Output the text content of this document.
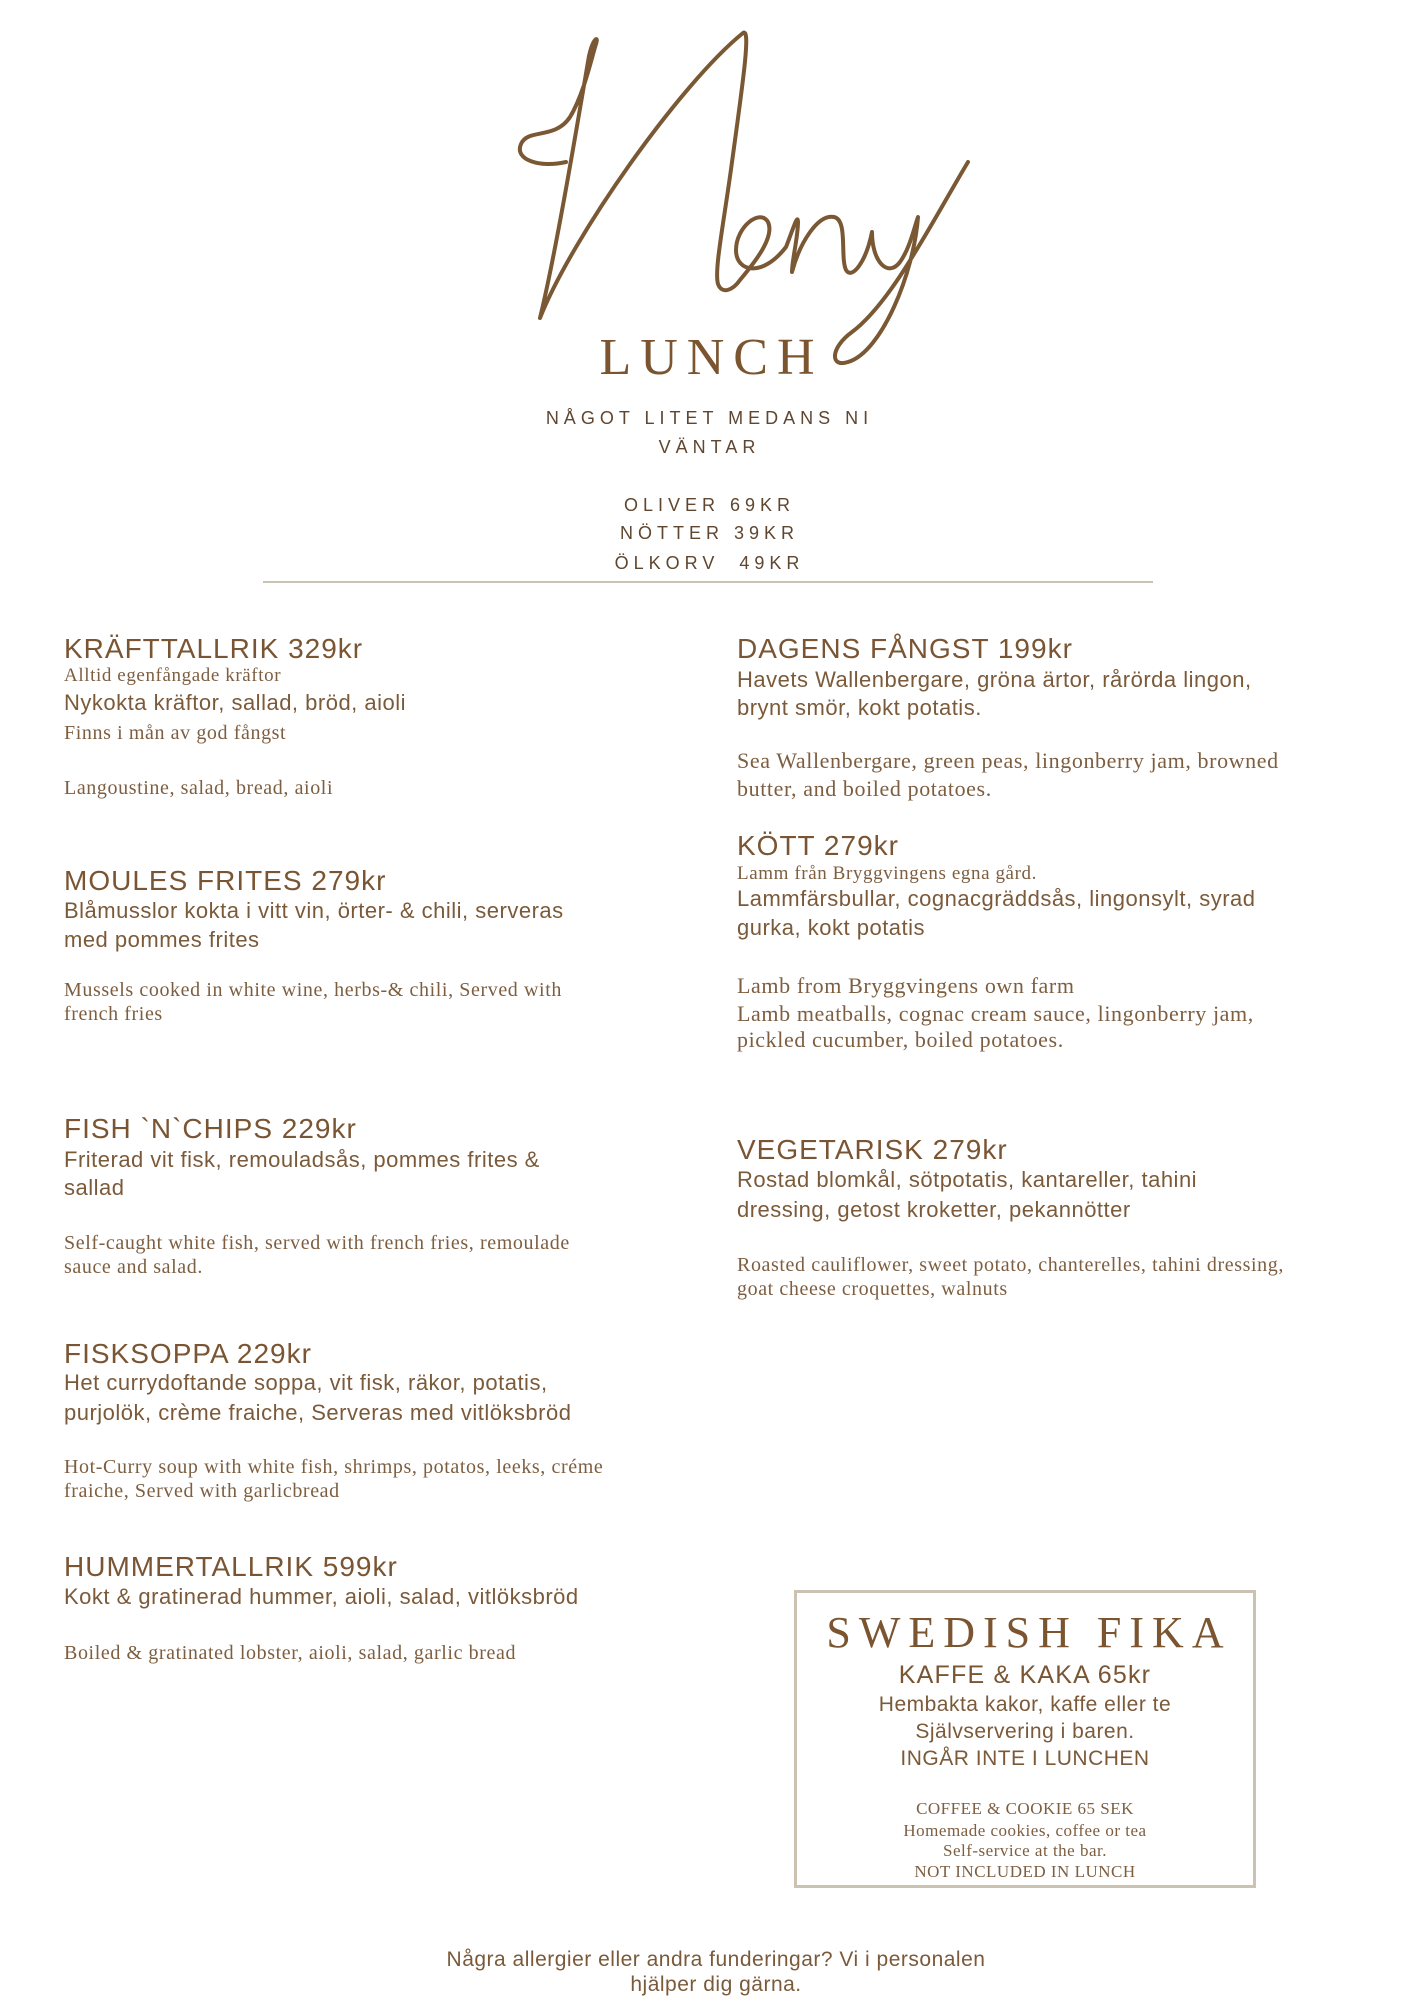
LUNCH
NÅGOT LITET MEDANS NI
VÄNTAR
OLIVER 69KR
NÖTTER 39KR
ÖLKORV  49KR
KRÄFTTALLRIK 329kr
Alltid egenfångade kräftor
Nykokta kräftor, sallad, bröd, aioli
Finns i mån av god fångst
Langoustine, salad, bread, aioli
MOULES FRITES 279kr
Blåmusslor kokta i vitt vin, örter- & chili, serveras
med pommes frites
Mussels cooked in white wine, herbs-& chili, Served with
french fries
FISH `N`CHIPS 229kr
Friterad vit fisk, remouladsås, pommes frites &
sallad
Self-caught white fish, served with french fries, remoulade
sauce and salad.
FISKSOPPA 229kr
Het currydoftande soppa, vit fisk, räkor, potatis,
purjolök, crème fraiche, Serveras med vitlöksbröd
Hot-Curry soup with white fish, shrimps, potatos, leeks, créme
fraiche, Served with garlicbread
HUMMERTALLRIK 599kr
Kokt & gratinerad hummer, aioli, salad, vitlöksbröd
Boiled & gratinated lobster, aioli, salad, garlic bread
DAGENS FÅNGST 199kr
Havets Wallenbergare, gröna ärtor, rårörda lingon,
brynt smör, kokt potatis.
Sea Wallenbergare, green peas, lingonberry jam, browned
butter, and boiled potatoes.
KÖTT 279kr
Lamm från Bryggvingens egna gård.
Lammfärsbullar, cognacgräddsås, lingonsylt, syrad
gurka, kokt potatis
Lamb from Bryggvingens own farm
Lamb meatballs, cognac cream sauce, lingonberry jam,
pickled cucumber, boiled potatoes.
VEGETARISK 279kr
Rostad blomkål, sötpotatis, kantareller, tahini
dressing, getost kroketter, pekannötter
Roasted cauliflower, sweet potato, chanterelles, tahini dressing,
goat cheese croquettes, walnuts
SWEDISH FIKA
KAFFE & KAKA 65kr
Hembakta kakor, kaffe eller te
Självservering i baren.
INGÅR INTE I LUNCHEN
COFFEE & COOKIE 65 SEK
Homemade cookies, coffee or tea
Self-service at the bar.
NOT INCLUDED IN LUNCH
Några allergier eller andra funderingar? Vi i personalen
hjälper dig gärna.
